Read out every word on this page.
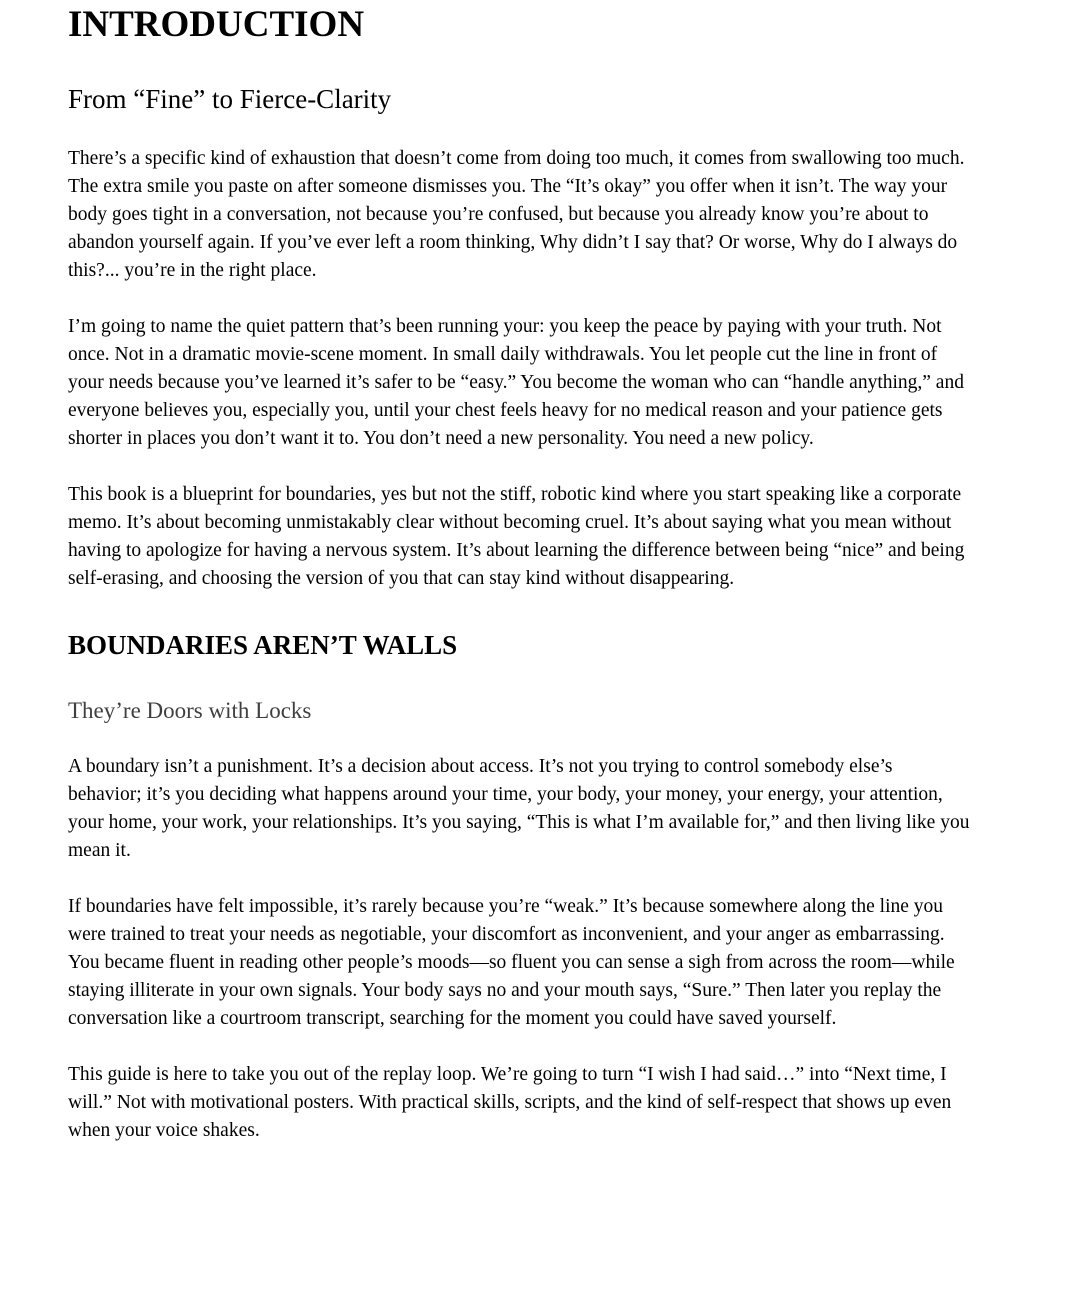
INTRODUCTION
From “Fine” to Fierce-Clarity

There’s a specific kind of exhaustion that doesn’t come from doing too much, it comes from swallowing too much. The extra smile you paste on after someone dismisses you. The “It’s okay” you offer when it isn’t. The way your body goes tight in a conversation, not because you’re confused, but because you already know you’re about to abandon yourself again. If you’ve ever left a room thinking, Why didn’t I say that? Or worse, Why do I always do this?... you’re in the right place.

I’m going to name the quiet pattern that’s been running your: you keep the peace by paying with your truth. Not once. Not in a dramatic movie-scene moment. In small daily withdrawals. You let people cut the line in front of your needs because you’ve learned it’s safer to be “easy.” You become the woman who can “handle anything,” and everyone believes you, especially you, until your chest feels heavy for no medical reason and your patience gets shorter in places you don’t want it to. You don’t need a new personality. You need a new policy.

This book is a blueprint for boundaries, yes but not the stiff, robotic kind where you start speaking like a corporate memo. It’s about becoming unmistakably clear without becoming cruel. It’s about saying what you mean without having to apologize for having a nervous system. It’s about learning the difference between being “nice” and being self-erasing, and choosing the version of you that can stay kind without disappearing.

BOUNDARIES AREN’T WALLS
They’re Doors with Locks

A boundary isn’t a punishment. It’s a decision about access. It’s not you trying to control somebody else’s behavior; it’s you deciding what happens around your time, your body, your money, your energy, your attention, your home, your work, your relationships. It’s you saying, “This is what I’m available for,” and then living like you mean it.

If boundaries have felt impossible, it’s rarely because you’re “weak.” It’s because somewhere along the line you were trained to treat your needs as negotiable, your discomfort as inconvenient, and your anger as embarrassing. You became fluent in reading other people’s moods—so fluent you can sense a sigh from across the room—while staying illiterate in your own signals. Your body says no and your mouth says, “Sure.” Then later you replay the conversation like a courtroom transcript, searching for the moment you could have saved yourself.

This guide is here to take you out of the replay loop. We’re going to turn “I wish I had said…” into “Next time, I will.” Not with motivational posters. With practical skills, scripts, and the kind of self-respect that shows up even when your voice shakes.
